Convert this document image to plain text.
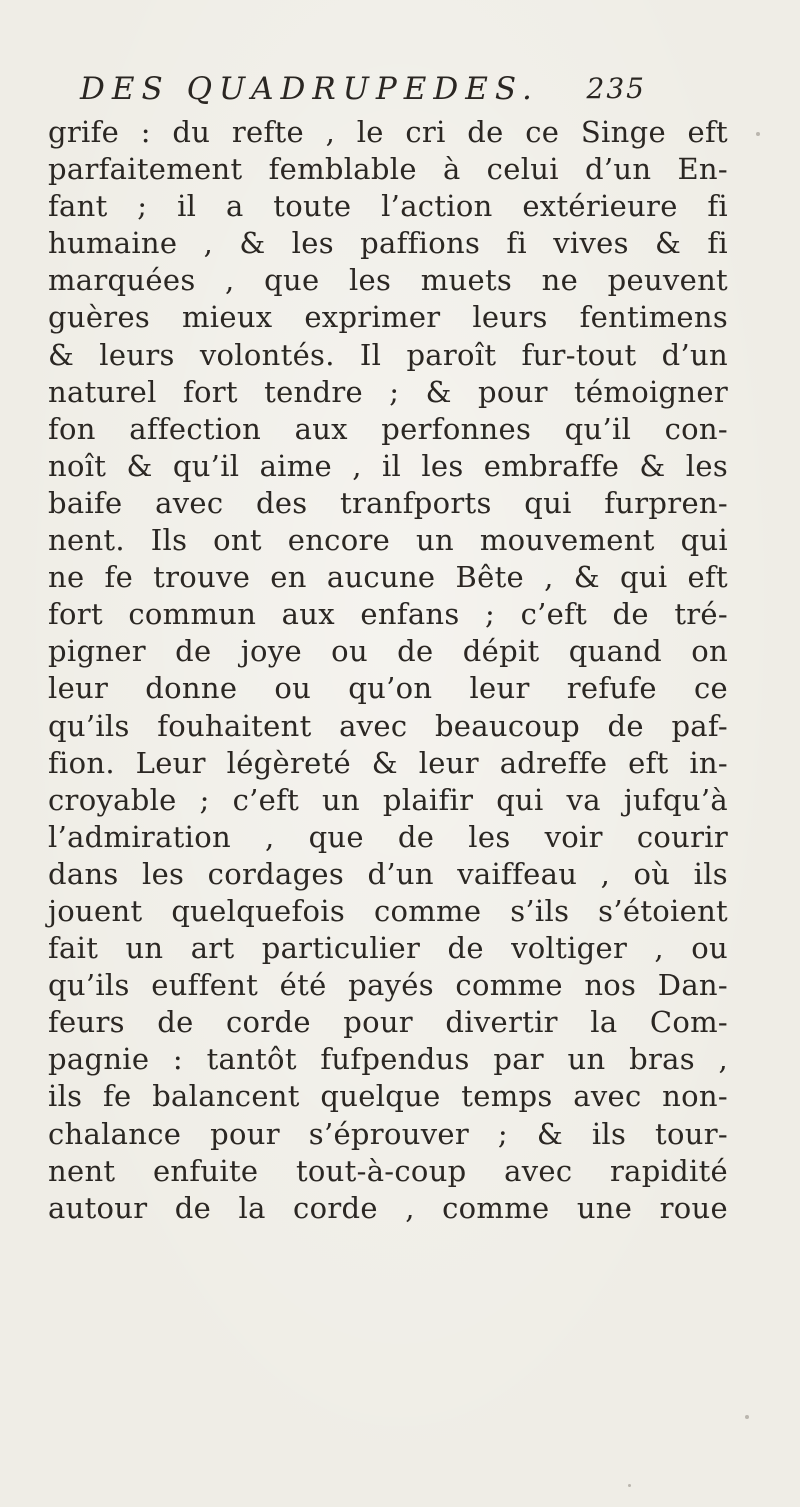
DES QUADRUPEDES. 235
grife : du refte , le cri de ce Singe eft
parfaitement femblable à celui d’un En-
fant ; il a toute l’action extérieure fi
humaine , & les paffions fi vives & fi
marquées , que les muets ne peuvent
guères mieux exprimer leurs fentimens
& leurs volontés. Il paroît fur-tout d’un
naturel fort tendre ; & pour témoigner
fon affection aux perfonnes qu’il con-
noît & qu’il aime , il les embraffe & les
baife avec des tranfports qui furpren-
nent. Ils ont encore un mouvement qui
ne fe trouve en aucune Bête , & qui eft
fort commun aux enfans ; c’eft de tré-
pigner de joye ou de dépit quand on
leur donne ou qu’on leur refufe ce
qu’ils fouhaitent avec beaucoup de paf-
fion. Leur légèreté & leur adreffe eft in-
croyable ; c’eft un plaifir qui va jufqu’à
l’admiration , que de les voir courir
dans les cordages d’un vaiffeau , où ils
jouent quelquefois comme s’ils s’étoient
fait un art particulier de voltiger , ou
qu’ils euffent été payés comme nos Dan-
feurs de corde pour divertir la Com-
pagnie : tantôt fufpendus par un bras ,
ils fe balancent quelque temps avec non-
chalance pour s’éprouver ; & ils tour-
nent enfuite tout-à-coup avec rapidité
autour de la corde , comme une roue
